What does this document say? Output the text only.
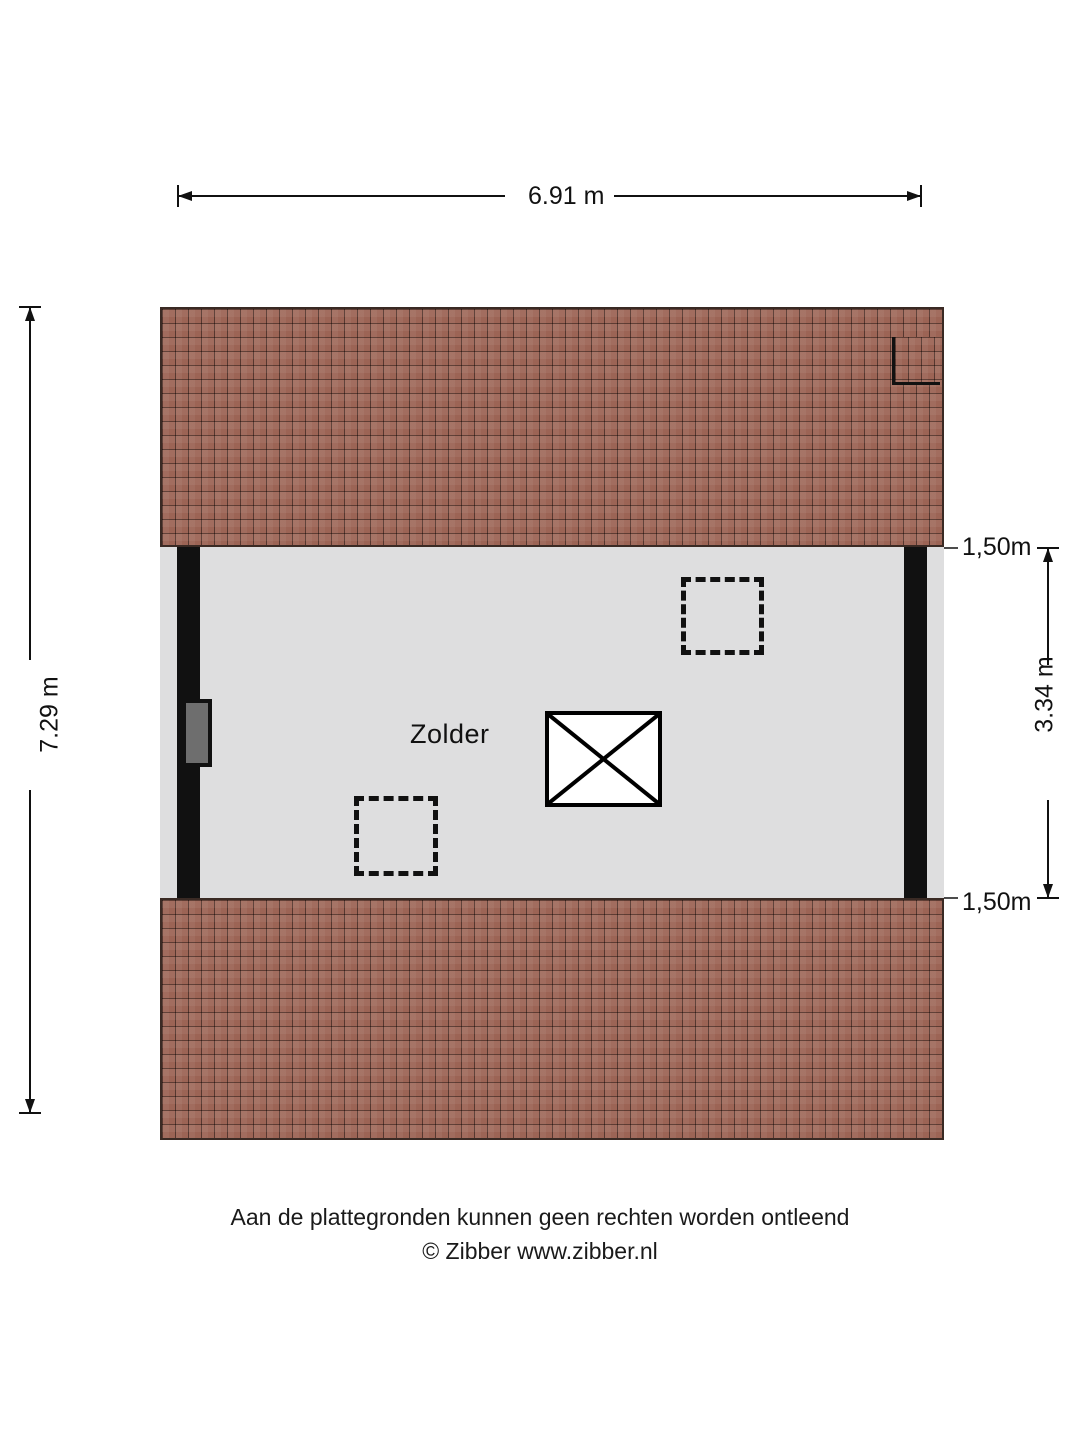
6.91 m
7.29 m	3.34 m
1,50m
1,50m
Zolder
Aan de plattegronden kunnen geen rechten worden ontleend
© Zibber www.zibber.nl
